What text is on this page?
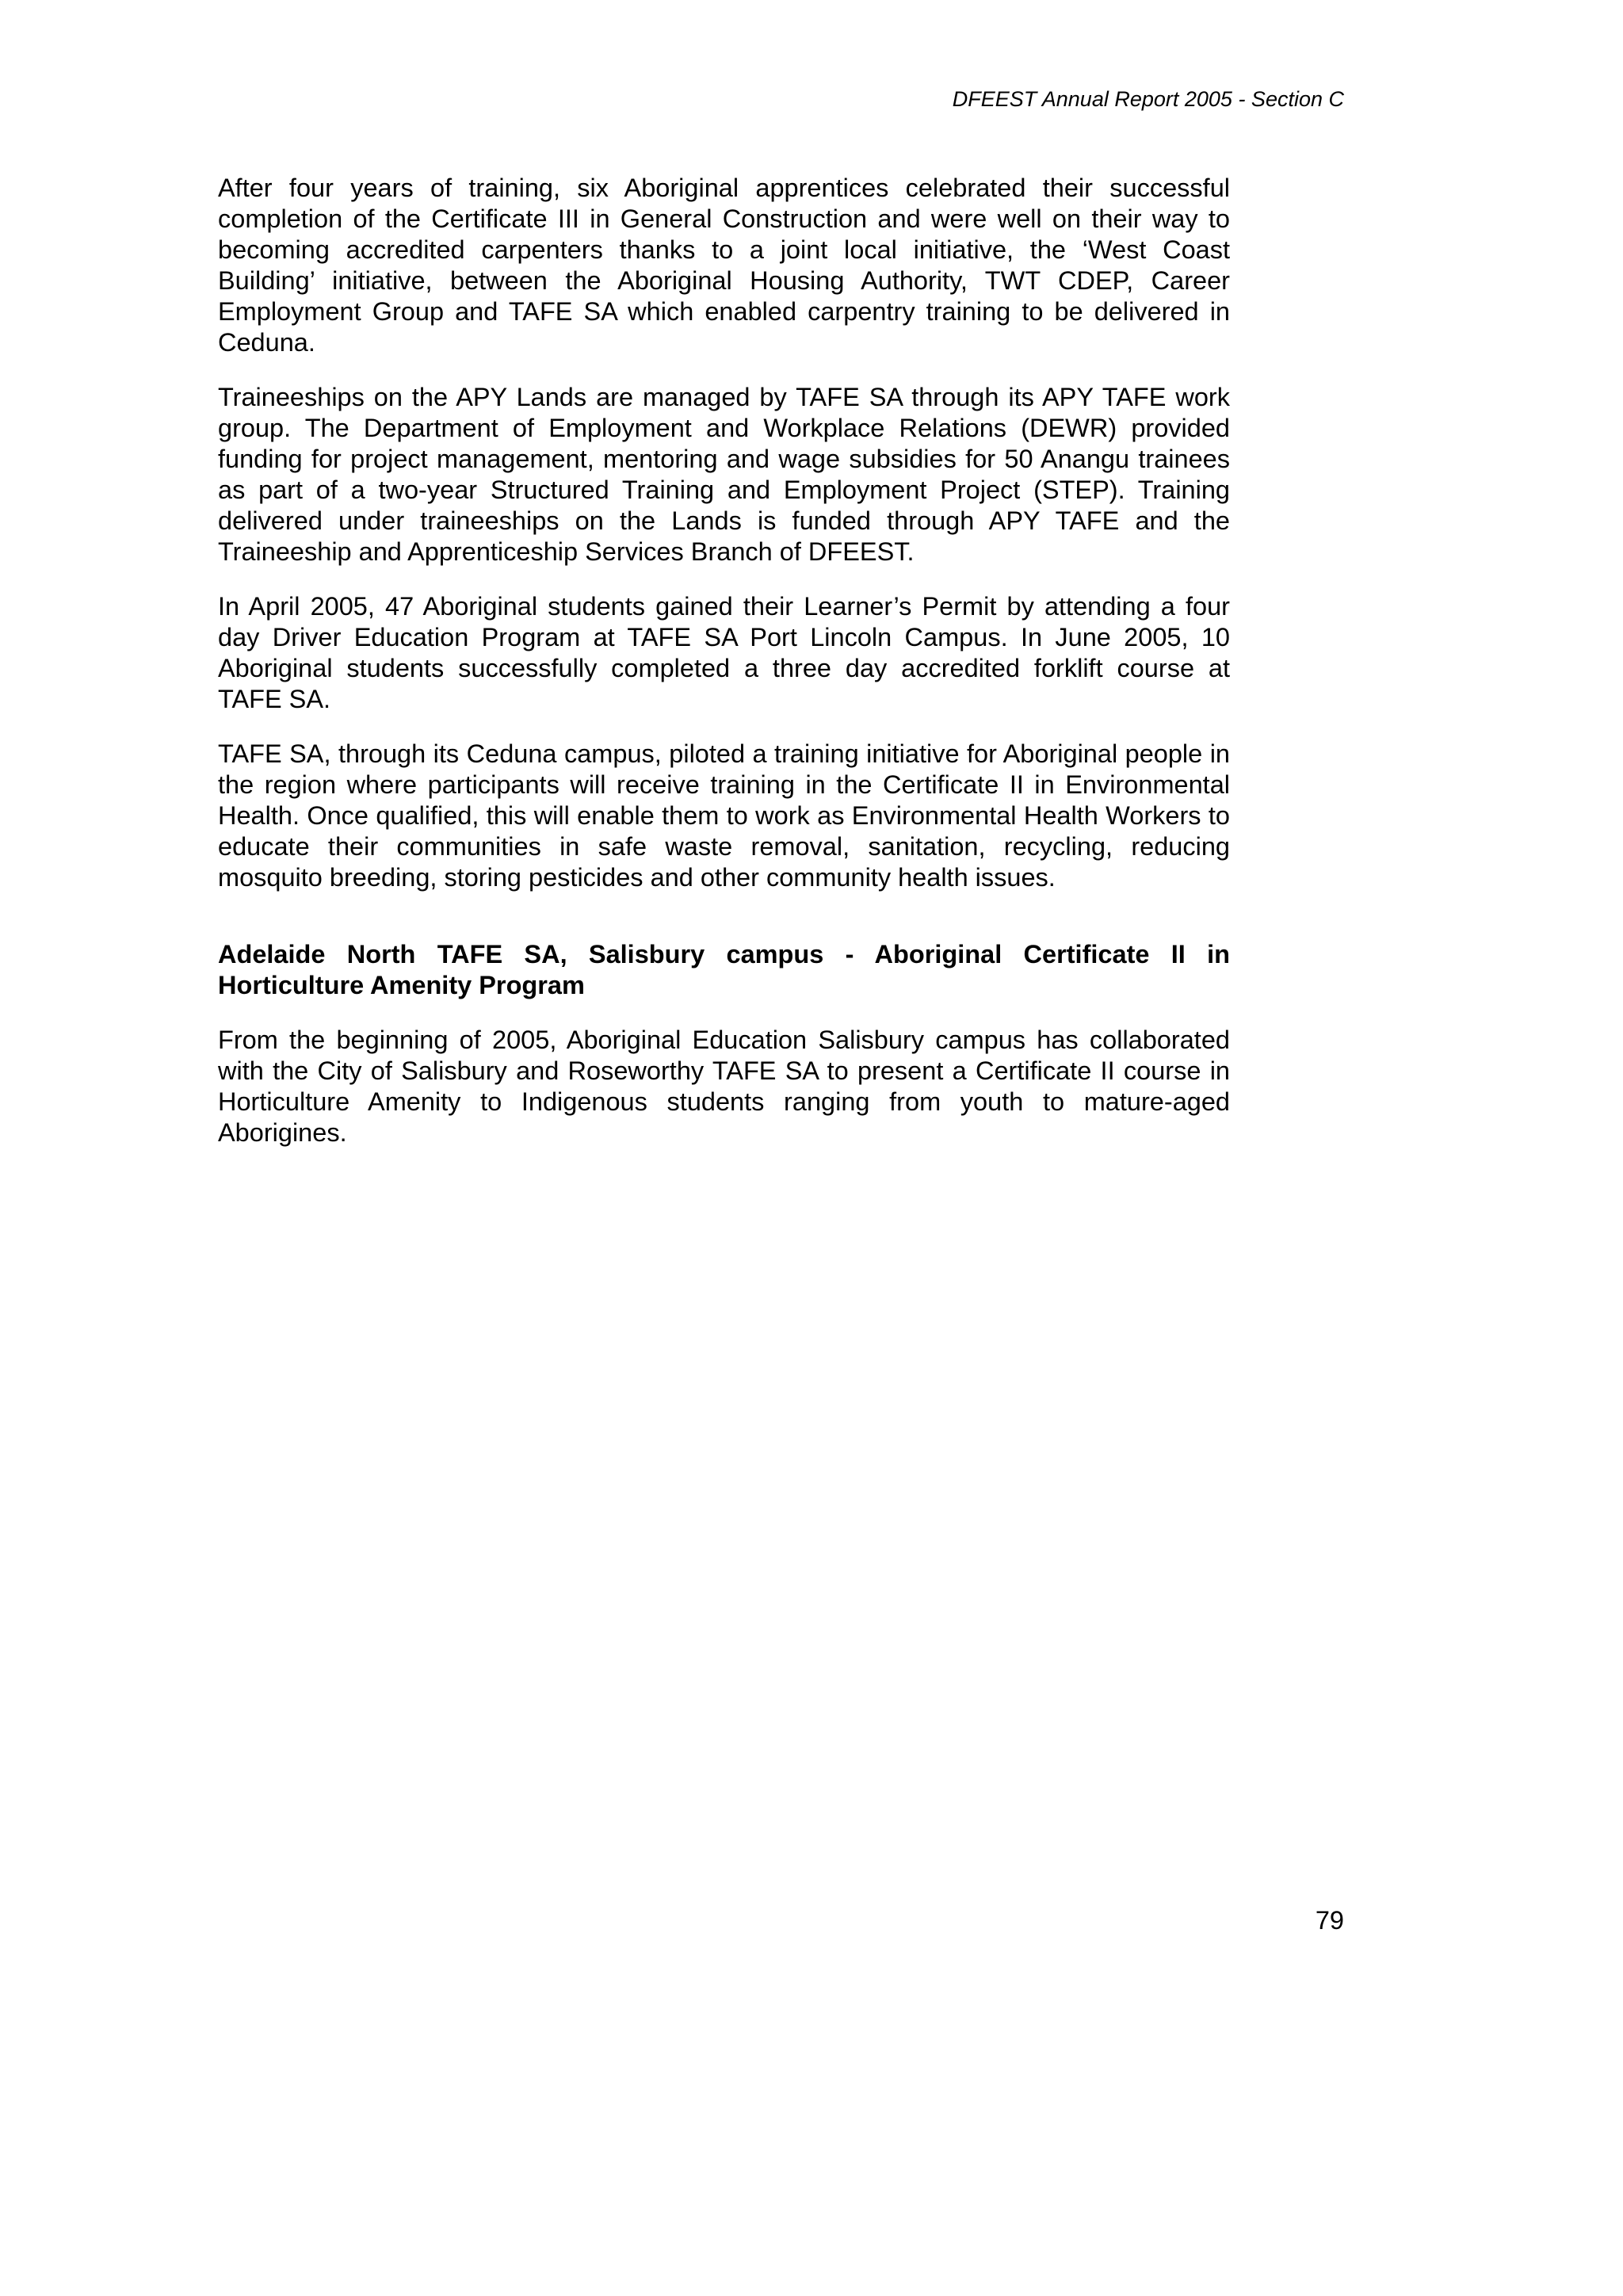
DFEEST Annual Report 2005 - Section C

After four years of training, six Aboriginal apprentices celebrated their successful completion of the Certificate III in General Construction and were well on their way to becoming accredited carpenters thanks to a joint local initiative, the ‘West Coast Building’ initiative, between the Aboriginal Housing Authority, TWT CDEP, Career Employment Group and TAFE SA which enabled carpentry training to be delivered in Ceduna.

Traineeships on the APY Lands are managed by TAFE SA through its APY TAFE work group. The Department of Employment and Workplace Relations (DEWR) provided funding for project management, mentoring and wage subsidies for 50 Anangu trainees as part of a two-year Structured Training and Employment Project (STEP). Training delivered under traineeships on the Lands is funded through APY TAFE and the Traineeship and Apprenticeship Services Branch of DFEEST.

In April 2005, 47 Aboriginal students gained their Learner’s Permit by attending a four day Driver Education Program at TAFE SA Port Lincoln Campus. In June 2005, 10 Aboriginal students successfully completed a three day accredited forklift course at TAFE SA.

TAFE SA, through its Ceduna campus, piloted a training initiative for Aboriginal people in the region where participants will receive training in the Certificate II in Environmental Health. Once qualified, this will enable them to work as Environmental Health Workers to educate their communities in safe waste removal, sanitation, recycling, reducing mosquito breeding, storing pesticides and other community health issues.

Adelaide North TAFE SA, Salisbury campus - Aboriginal Certificate II in Horticulture Amenity Program

From the beginning of 2005, Aboriginal Education Salisbury campus has collaborated with the City of Salisbury and Roseworthy TAFE SA to present a Certificate II course in Horticulture Amenity to Indigenous students ranging from youth to mature-aged Aborigines.

79
